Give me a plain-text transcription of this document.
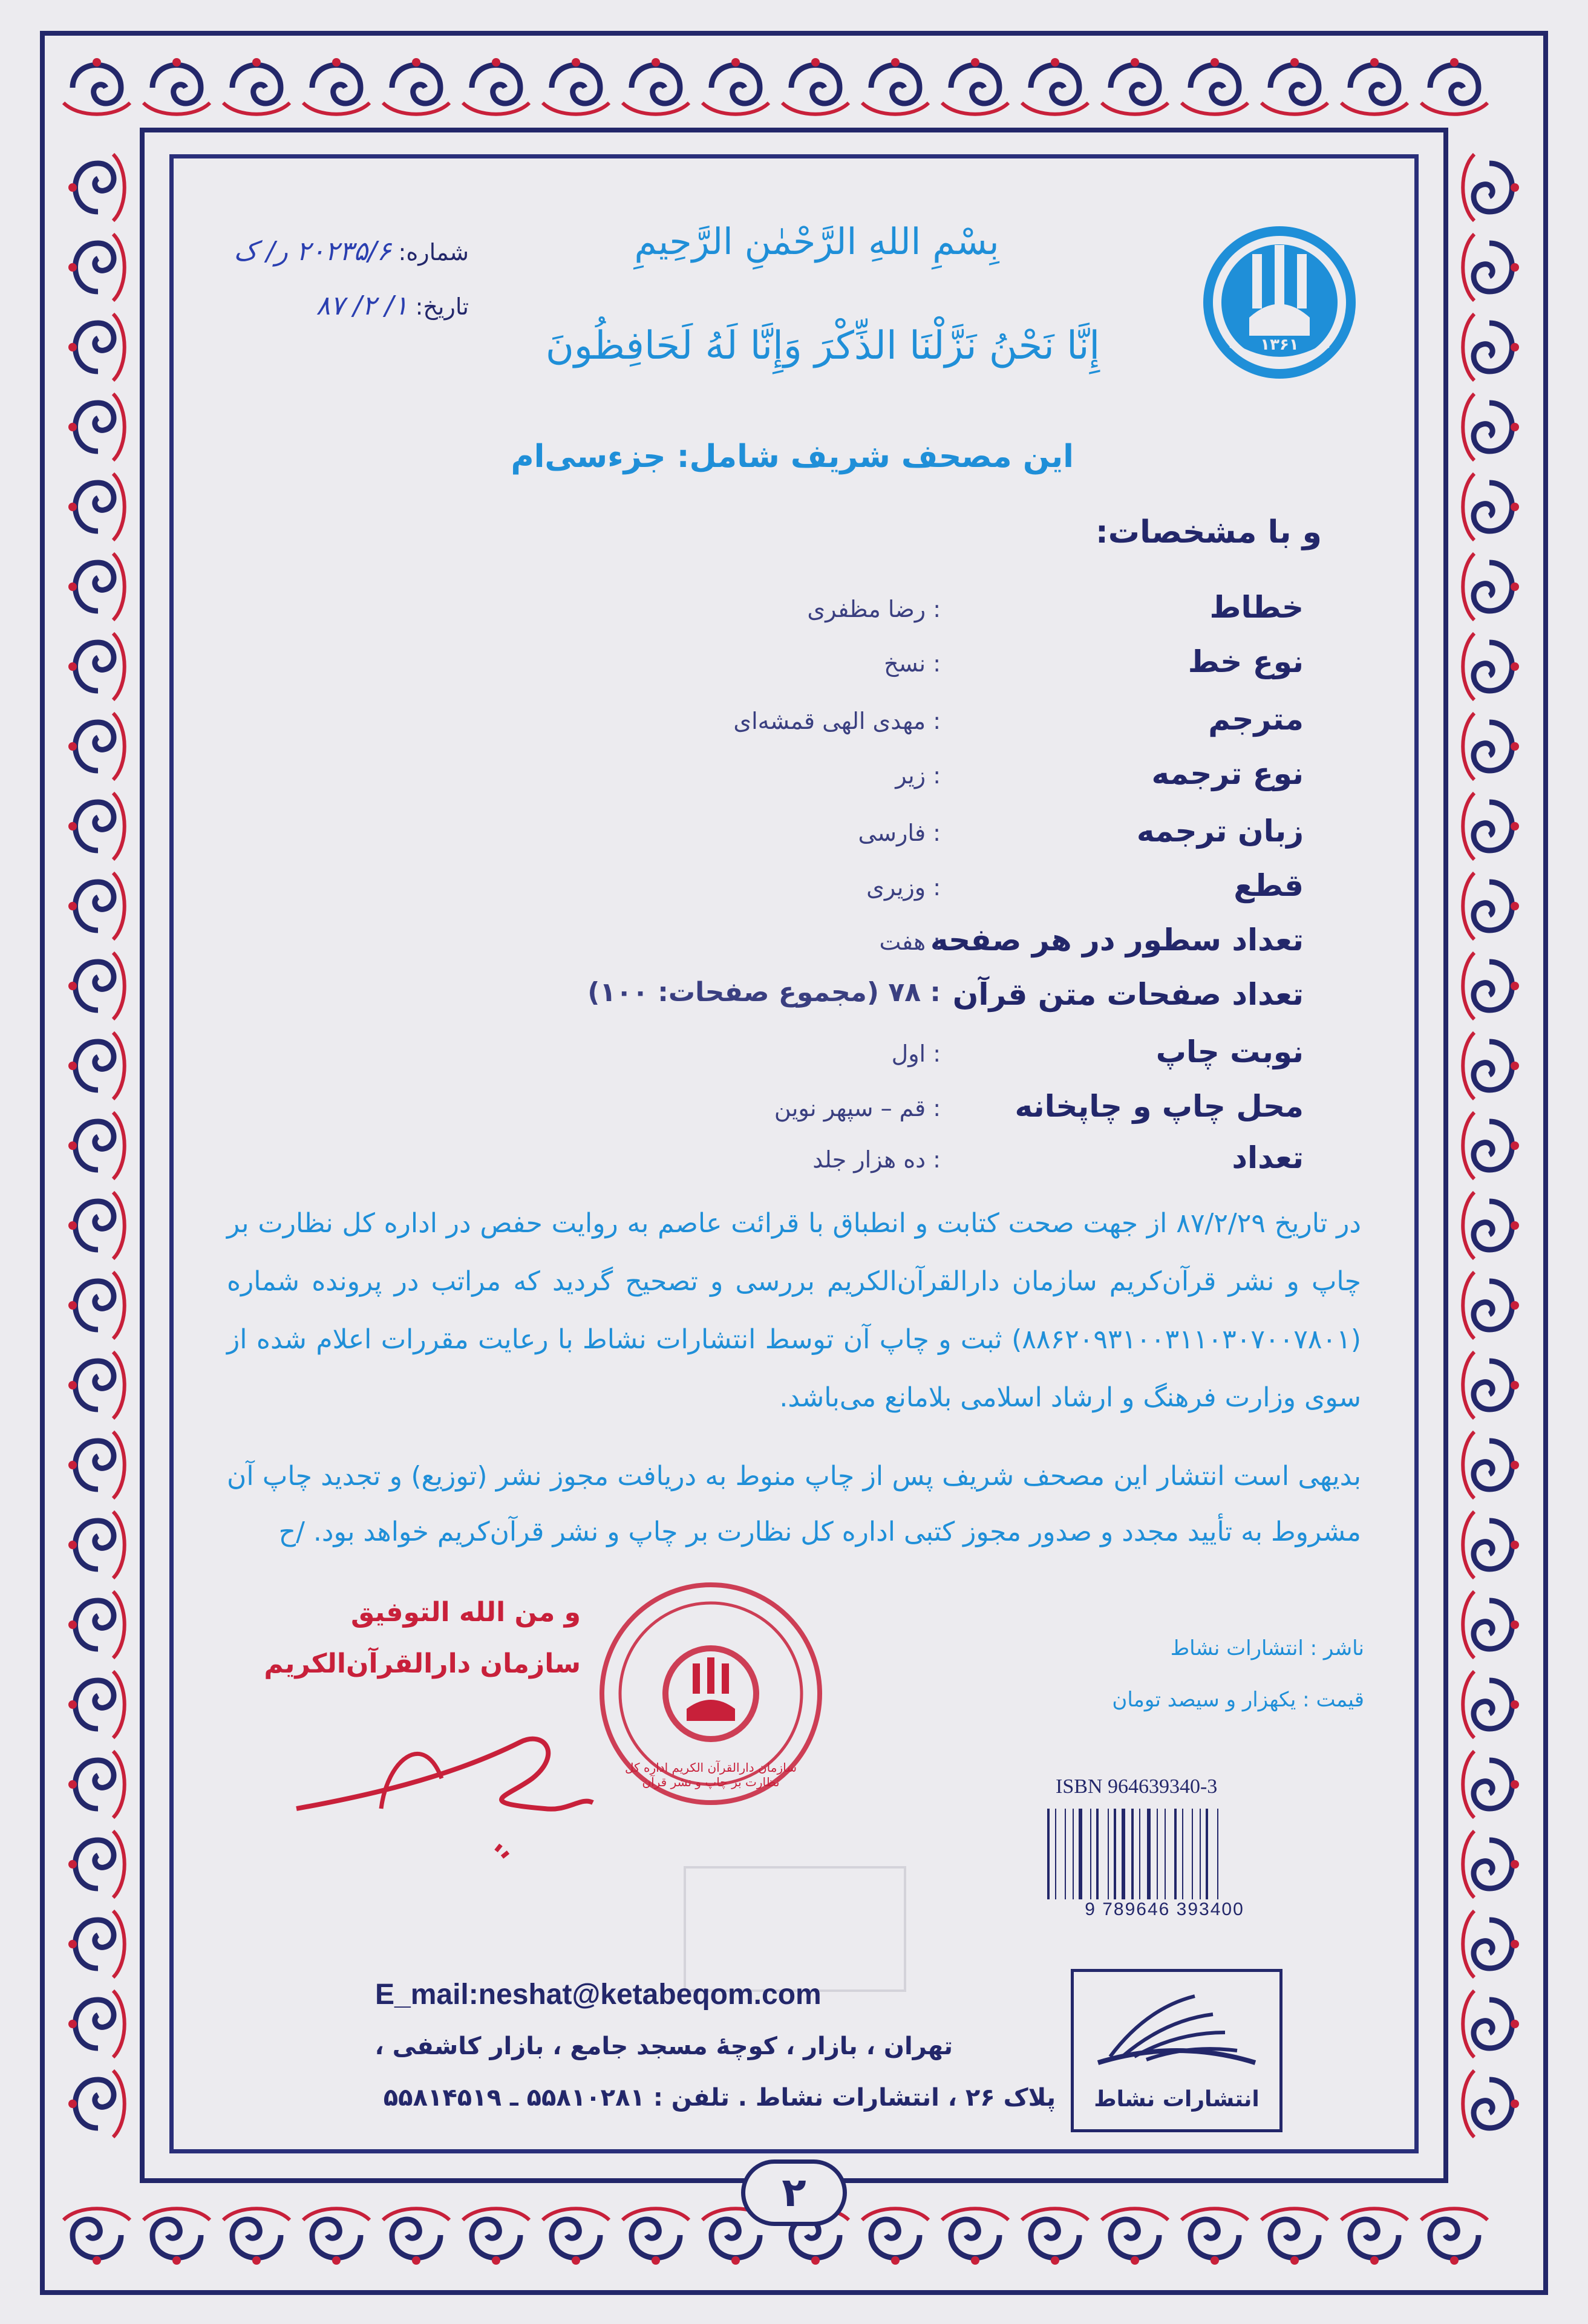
شماره: ۲۰۲۳۵/۶ ر/ ک
تاریخ: ۱/ ۲/ ۸۷
بِسْمِ اللهِ الرَّحْمٰنِ الرَّحِيمِ
إِنَّا نَحْنُ نَزَّلْنَا الذِّكْرَ وَإِنَّا لَهُ لَحَافِظُونَ	۱۳۶۱
این مصحف شریف شامل: جزءسی‌ام
و با مشخصات:
خطاط
: رضا مظفری
نوع خط
: نسخ
مترجم
: مهدی الهی قمشه‌ای
نوع ترجمه
: زیر
زبان ترجمه
: فارسی
قطع
: وزیری
تعداد سطور در هر صفحه
: هفت
تعداد صفحات متن قرآن
: ۷۸ (مجموع صفحات: ۱۰۰)
نوبت چاپ
: اول
محل چاپ و چاپخانه
: قم – سپهر نوین
تعداد
: ده هزار جلد
در تاریخ ۸۷/۲/۲۹ از جهت صحت کتابت و انطباق با قرائت عاصم به روایت حفص در اداره کل نظارت بر چاپ و نشر قرآن‌کریم سازمان دارالقرآن‌الکریم بررسی و تصحیح گردید که مراتب در پرونده شماره (۸۸۶۲۰۹۳۱۰۰۳۱۱۰۳۰۷۰۰۷۸۰۱) ثبت و چاپ آن توسط انتشارات نشاط با رعایت مقررات اعلام شده از سوی وزارت فرهنگ و ارشاد اسلامی بلامانع می‌باشد.
بدیهی است انتشار این مصحف شریف پس از چاپ منوط به دریافت مجوز نشر (توزیع) و تجدید چاپ آن مشروط به تأیید مجدد و صدور مجوز کتبی اداره کل نظارت بر چاپ و نشر قرآن‌کریم خواهد بود. /ح
و من الله التوفیق
سازمان دارالقرآن‌الکریم
سازمان دارالقرآن الکریم اداره کل نظارت بر چاپ و نشر قرآن
ناشر : انتشارات نشاط
قیمت : یکهزار و سیصد تومان
ISBN 964639340-3
9 789646 393400
E_mail:neshat@ketabeqom.com
تهران ، بازار ، کوچۀ مسجد جامع ، بازار کاشفی ،
پلاک ۲۶ ، انتشارات نشاط . تلفن : ۵۵۸۱۰۲۸۱ ـ ۵۵۸۱۴۵۱۹	انتشارات نشاط
۲
